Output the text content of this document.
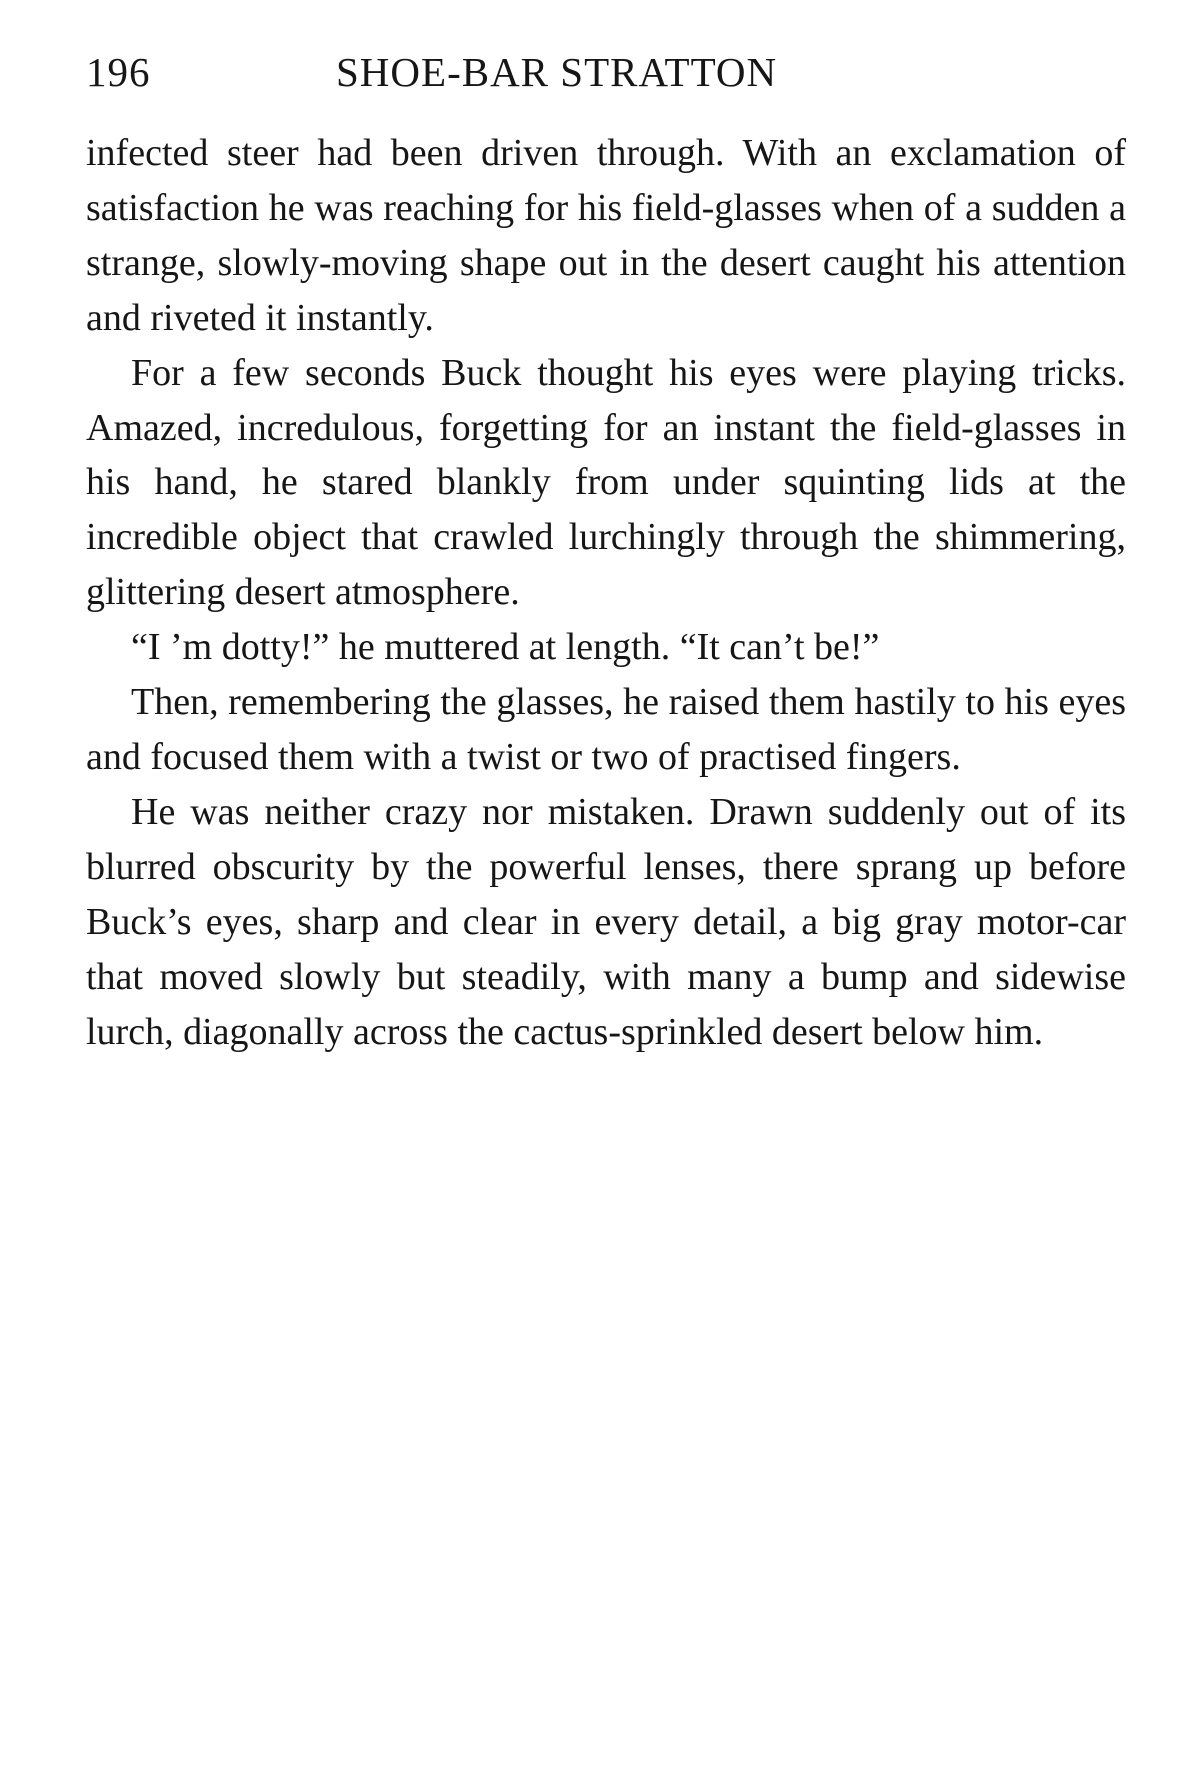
196	SHOE-BAR STRATTON

infected steer had been driven through. With an exclamation of satisfaction he was reaching for his field-glasses when of a sudden a strange, slowly-moving shape out in the desert caught his attention and riveted it instantly.

For a few seconds Buck thought his eyes were playing tricks. Amazed, incredulous, forgetting for an instant the field-glasses in his hand, he stared blankly from under squinting lids at the incredible object that crawled lurchingly through the shimmering, glittering desert atmosphere.

“I ’m dotty!” he muttered at length. “It can’t be!”

Then, remembering the glasses, he raised them hastily to his eyes and focused them with a twist or two of practised fingers.

He was neither crazy nor mistaken. Drawn suddenly out of its blurred obscurity by the powerful lenses, there sprang up before Buck’s eyes, sharp and clear in every detail, a big gray motor-car that moved slowly but steadily, with many a bump and sidewise lurch, diagonally across the cactus-sprinkled desert below him.
